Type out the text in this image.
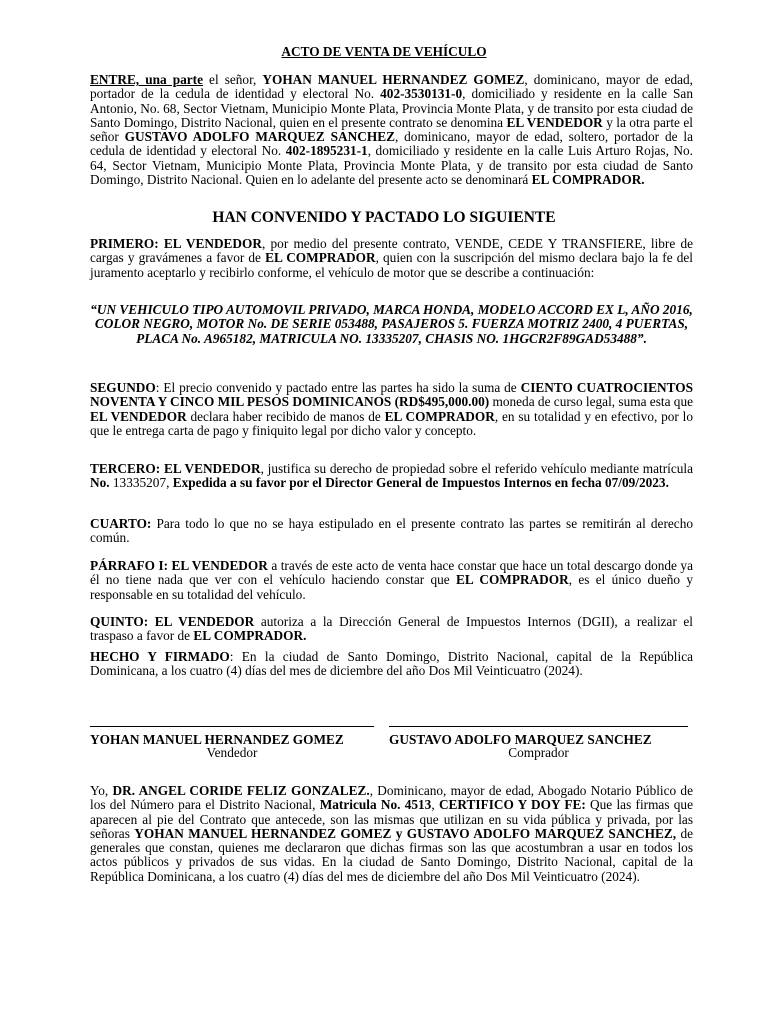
ACTO DE VENTA DE VEHÍCULO

ENTRE, una parte el señor, YOHAN MANUEL HERNANDEZ GOMEZ, dominicano, mayor de edad, portador de la cedula de identidad y electoral No. 402-3530131-0, domiciliado y residente en la calle San Antonio, No. 68, Sector Vietnam, Municipio Monte Plata, Provincia Monte Plata, y de transito por esta ciudad de Santo Domingo, Distrito Nacional, quien en el presente contrato se denomina EL VENDEDOR y la otra parte el señor GUSTAVO ADOLFO MARQUEZ SANCHEZ, dominicano, mayor de edad, soltero, portador de la cedula de identidad y electoral No. 402-1895231-1, domiciliado y residente en la calle Luis Arturo Rojas, No. 64, Sector Vietnam, Municipio Monte Plata, Provincia Monte Plata, y de transito por esta ciudad de Santo Domingo, Distrito Nacional. Quien en lo adelante del presente acto se denominará EL COMPRADOR.

HAN CONVENIDO Y PACTADO LO SIGUIENTE

PRIMERO: EL VENDEDOR, por medio del presente contrato, VENDE, CEDE Y TRANSFIERE, libre de cargas y gravámenes a favor de EL COMPRADOR, quien con la suscripción del mismo declara bajo la fe del juramento aceptarlo y recibirlo conforme, el vehículo de motor que se describe a continuación:

“UN VEHICULO TIPO AUTOMOVIL PRIVADO, MARCA HONDA, MODELO ACCORD EX L, AÑO 2016, COLOR NEGRO, MOTOR No. DE SERIE 053488, PASAJEROS 5. FUERZA MOTRIZ 2400, 4 PUERTAS, PLACA No. A965182, MATRICULA NO. 13335207, CHASIS NO. 1HGCR2F89GAD53488”.

SEGUNDO: El precio convenido y pactado entre las partes ha sido la suma de CIENTO CUATROCIENTOS NOVENTA Y CINCO MIL PESOS DOMINICANOS (RD$495,000.00) moneda de curso legal, suma esta que EL VENDEDOR declara haber recibido de manos de EL COMPRADOR, en su totalidad y en efectivo, por lo que le entrega carta de pago y finiquito legal por dicho valor y concepto.

TERCERO: EL VENDEDOR, justifica su derecho de propiedad sobre el referido vehículo mediante matrícula No. 13335207, Expedida a su favor por el Director General de Impuestos Internos en fecha 07/09/2023.

CUARTO: Para todo lo que no se haya estipulado en el presente contrato las partes se remitirán al derecho común.

PÁRRAFO I: EL VENDEDOR a través de este acto de venta hace constar que hace un total descargo donde ya él no tiene nada que ver con el vehículo haciendo constar que EL COMPRADOR, es el único dueño y responsable en su totalidad del vehículo.

QUINTO: EL VENDEDOR autoriza a la Dirección General de Impuestos Internos (DGII), a realizar el traspaso a favor de EL COMPRADOR.

HECHO Y FIRMADO: En la ciudad de Santo Domingo, Distrito Nacional, capital de la República Dominicana, a los cuatro (4) días del mes de diciembre del año Dos Mil Veinticuatro (2024).

YOHAN MANUEL HERNANDEZ GOMEZ	GUSTAVO ADOLFO MARQUEZ SANCHEZ

Vendedor	Comprador

Yo, DR. ANGEL CORIDE FELIZ GONZALEZ., Dominicano, mayor de edad, Abogado Notario Público de los del Número para el Distrito Nacional, Matricula No. 4513, CERTIFICO Y DOY FE: Que las firmas que aparecen al pie del Contrato que antecede, son las mismas que utilizan en su vida pública y privada, por las señoras YOHAN MANUEL HERNANDEZ GOMEZ y GUSTAVO ADOLFO MARQUEZ SANCHEZ, de generales que constan, quienes me declararon que dichas firmas son las que acostumbran a usar en todos los actos públicos y privados de sus vidas. En la ciudad de Santo Domingo, Distrito Nacional, capital de la República Dominicana, a los cuatro (4) días del mes de diciembre del año Dos Mil Veinticuatro (2024).
